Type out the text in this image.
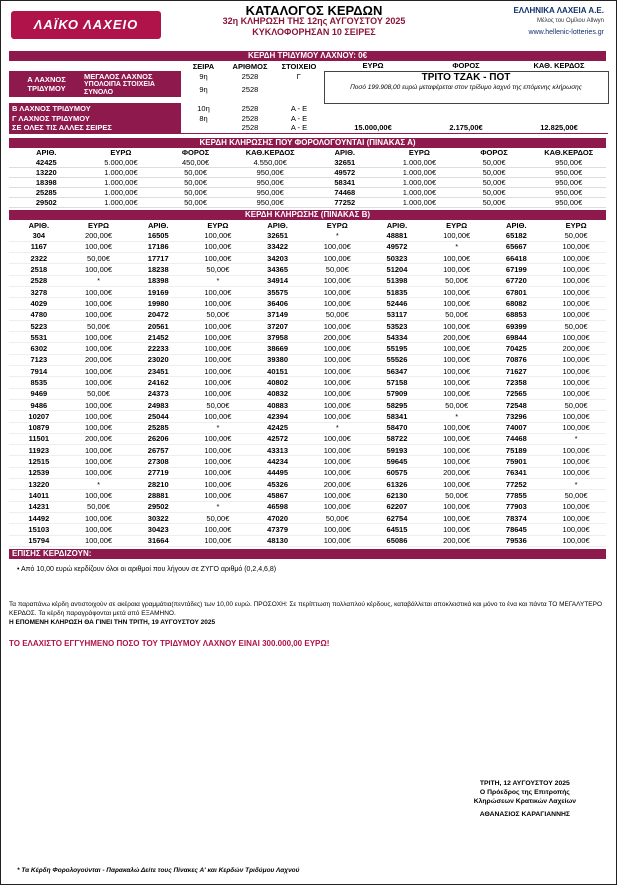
ΛΑΪΚΟ ΛΑΧΕΙΟ
ΚΑΤΑΛΟΓΟΣ ΚΕΡΔΩΝ
32η ΚΛΗΡΩΣΗ ΤΗΣ 12ης ΑΥΓΟΥΣΤΟΥ 2025
ΚΥΚΛΟΦΟΡΗΣΑΝ 10 ΣΕΙΡΕΣ
ΕΛΛΗΝΙΚΑ ΛΑΧΕΙΑ Α.Ε.
Μέλος του Ομίλου Allwyn
www.hellenic-lotteries.gr
ΚΕΡΔΗ ΤΡΙΔΥΜΟΥ ΛΑΧΝΟΥ: 0€
		ΣΕΙΡΑ	ΑΡΙΘΜΟΣ	ΣΤΟΙΧΕΙΟ	ΕΥΡΩ	ΦΟΡΟΣ	ΚΑΘ. ΚΕΡΔΟΣ
Α ΛΑΧΝΟΣ ΤΡΙΔΥΜΟΥ	ΜΕΓΑΛΟΣ ΛΑΧΝΟΣ	9η	2528	Γ	ΤΡΙΤΟ ΤΖΑΚ - ΠΟΤ
Ποσό 199.908,00 ευρώ μεταφέρεται στον τρίδυμο λαχνό της επόμενης κλήρωσης		

	ΥΠΟΛΟΙΠΑ ΣΤΟΙΧΕΙΑ ΣΥΝΟΛΟ	9η	2528				

Β ΛΑΧΝΟΣ ΤΡΙΔΥΜΟΥ		10η	2528	Α - Ε			
Γ ΛΑΧΝΟΣ ΤΡΙΔΥΜΟΥ		8η	2528	Α - Ε			
ΣΕ ΟΛΕΣ ΤΙΣ ΑΛΛΕΣ ΣΕΙΡΕΣ			2528	Α - Ε	15.000,00€	2.175,00€	12.825,00€
ΚΕΡΔΗ ΚΛΗΡΩΣΗΣ ΠΟΥ ΦΟΡΟΛΟΓΟΥΝΤΑΙ (ΠΙΝΑΚΑΣ Α)
ΑΡΙΘ.	ΕΥΡΩ	ΦΟΡΟΣ	ΚΑΘ.ΚΕΡΔΟΣ	ΑΡΙΘ.	ΕΥΡΩ	ΦΟΡΟΣ	ΚΑΘ.ΚΕΡΔΟΣ
42425	5.000,00€	450,00€	4.550,00€	32651	1.000,00€	50,00€	950,00€
13220	1.000,00€	50,00€	950,00€	49572	1.000,00€	50,00€	950,00€
18398	1.000,00€	50,00€	950,00€	58341	1.000,00€	50,00€	950,00€
25285	1.000,00€	50,00€	950,00€	74468	1.000,00€	50,00€	950,00€
29502	1.000,00€	50,00€	950,00€	77252	1.000,00€	50,00€	950,00€
ΚΕΡΔΗ ΚΛΗΡΩΣΗΣ (ΠΙΝΑΚΑΣ Β)
ΑΡΙΘ.	ΕΥΡΩ	ΑΡΙΘ.	ΕΥΡΩ	ΑΡΙΘ.	ΕΥΡΩ	ΑΡΙΘ.	ΕΥΡΩ	ΑΡΙΘ.	ΕΥΡΩ
304	200,00€	16505	100,00€	32651	*	48881	100,00€	65182	50,00€
1167	100,00€	17186	100,00€	33422	100,00€	49572	*	65667	100,00€
2322	50,00€	17717	100,00€	34203	100,00€	50323	100,00€	66418	100,00€
2518	100,00€	18238	50,00€	34365	50,00€	51204	100,00€	67199	100,00€
2528	*	18398	*	34914	100,00€	51398	50,00€	67720	100,00€
3278	100,00€	19169	100,00€	35575	100,00€	51835	100,00€	67801	100,00€
4029	100,00€	19980	100,00€	36406	100,00€	52446	100,00€	68082	100,00€
4780	100,00€	20472	50,00€	37149	50,00€	53117	50,00€	68853	100,00€
5223	50,00€	20561	100,00€	37207	100,00€	53523	100,00€	69399	50,00€
5531	100,00€	21452	100,00€	37958	200,00€	54334	200,00€	69844	100,00€
6302	100,00€	22233	100,00€	38669	100,00€	55195	100,00€	70425	200,00€
7123	200,00€	23020	100,00€	39380	100,00€	55526	100,00€	70876	100,00€
7914	100,00€	23451	100,00€	40151	100,00€	56347	100,00€	71627	100,00€
8535	100,00€	24162	100,00€	40802	100,00€	57158	100,00€	72358	100,00€
9469	50,00€	24373	100,00€	40832	100,00€	57909	100,00€	72565	100,00€
9486	100,00€	24983	50,00€	40883	100,00€	58295	50,00€	72548	50,00€
10207	100,00€	25044	100,00€	42394	100,00€	58341	*	73296	100,00€
10879	100,00€	25285	*	42425	*	58470	100,00€	74007	100,00€
11501	200,00€	26206	100,00€	42572	100,00€	58722	100,00€	74468	*
11923	100,00€	26757	100,00€	43313	100,00€	59193	100,00€	75189	100,00€
12515	100,00€	27308	100,00€	44234	100,00€	59645	100,00€	75901	100,00€
12539	100,00€	27719	100,00€	44495	100,00€	60575	200,00€	76341	100,00€
13220	*	28210	100,00€	45326	200,00€	61326	100,00€	77252	*
14011	100,00€	28881	100,00€	45867	100,00€	62130	50,00€	77855	50,00€
14231	50,00€	29502	*	46598	100,00€	62207	100,00€	77903	100,00€
14492	100,00€	30322	50,00€	47020	50,00€	62754	100,00€	78374	100,00€
15103	100,00€	30423	100,00€	47379	100,00€	64515	100,00€	78645	100,00€
15794	100,00€	31664	100,00€	48130	100,00€	65086	200,00€	79536	100,00€
ΕΠΙΣΗΣ ΚΕΡΔΙΖΟΥΝ:
• Από 10,00 ευρώ κερδίζουν όλοι οι αριθμοί που λήγουν σε ΖΥΓΟ αριθμό (0,2,4,6,8)
Τα παραπάνω κέρδη αντιστοιχούν σε ακέραια γραμμάτια(πεντάδες) των 10,00 ευρώ. ΠΡΟΣΟΧΗ: Σε περίπτωση πολλαπλού κέρδους, καταβάλλεται αποκλειστικά και μόνο το ένα και πάντα ΤΟ ΜΕΓΑΛΥΤΕΡΟ ΚΕΡΔΟΣ. Τα κέρδη παραγράφονται μετά από ΕΞΑΜΗΝΟ.
Η ΕΠΟΜΕΝΗ ΚΛΗΡΩΣΗ ΘΑ ΓΙΝΕΙ ΤΗΝ ΤΡΙΤΗ, 19 ΑΥΓΟΥΣΤΟΥ 2025
ΤΟ ΕΛΑΧΙΣΤΟ ΕΓΓΥΗΜΕΝΟ ΠΟΣΟ ΤΟΥ ΤΡΙΔΥΜΟΥ ΛΑΧΝΟΥ ΕΙΝΑΙ 300.000,00 ΕΥΡΩ!
ΤΡΙΤΗ, 12 ΑΥΓΟΥΣΤΟΥ 2025
Ο Πρόεδρος της Επιτροπής
Κληρώσεων Κρατικών Λαχείων
ΑΘΑΝΑΣΙΟΣ ΚΑΡΑΓΙΑΝΝΗΣ
* Τα Κέρδη Φορολογούνται - Παρακαλώ Δείτε τους Πίνακες Α' και Κερδών Τριδύμου Λαχνού
